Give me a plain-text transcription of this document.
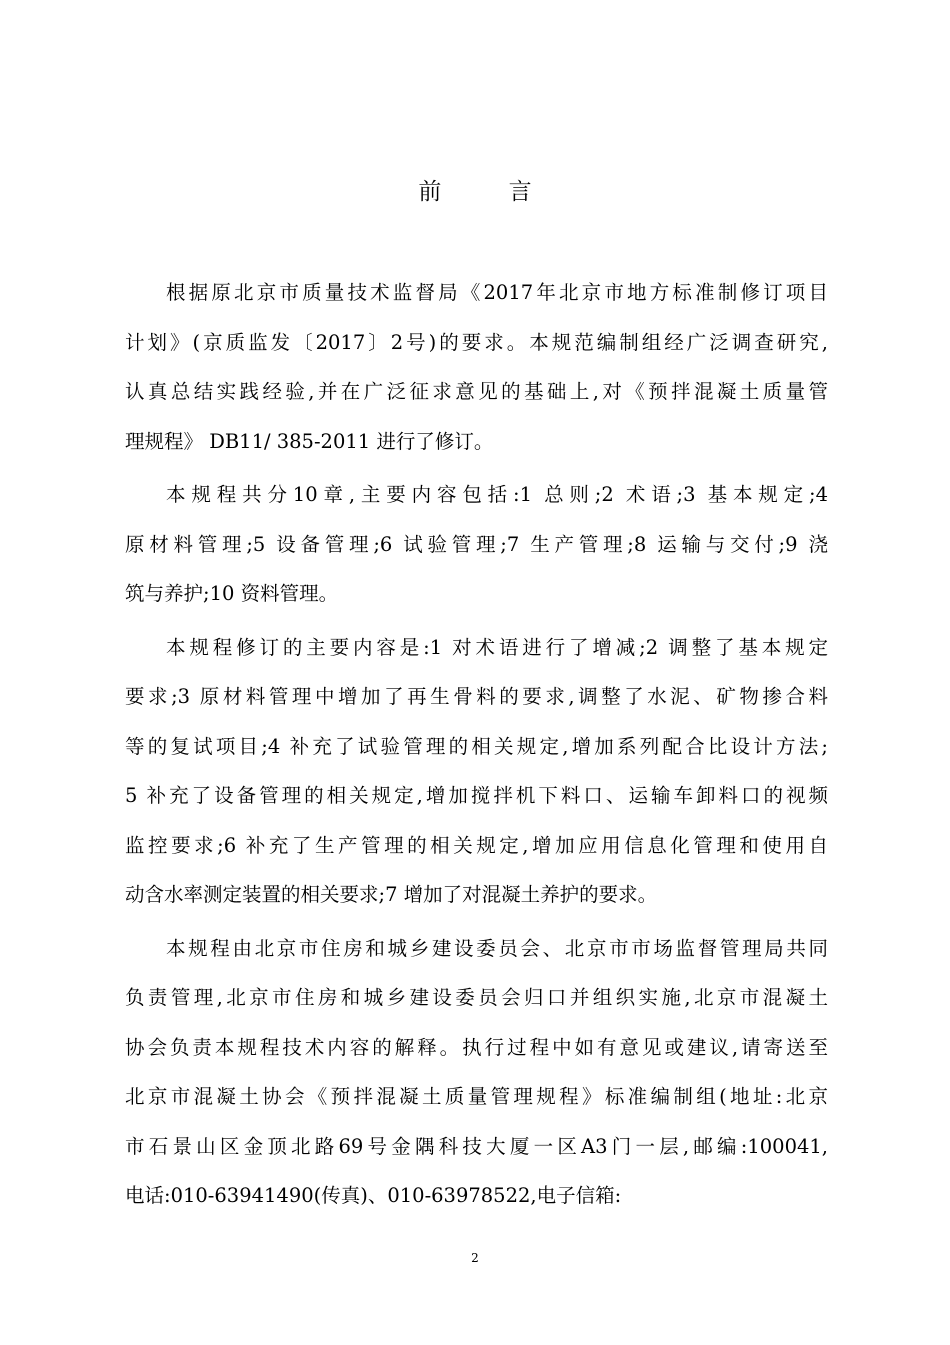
前 言
根据原北京市质量技术监督局《2017年北京市地方标准制修订项目
计划》(京质监发〔2017〕2号)的要求。本规范编制组经广泛调查研究,
认真总结实践经验,并在广泛征求意见的基础上,对《预拌混凝土质量管
理规程》 DB11/ 385-2011 进行了修订。
本规程共分10章,主要内容包括:1 总则;2 术语;3 基本规定;4
原材料管理;5 设备管理;6 试验管理;7 生产管理;8 运输与交付;9 浇
筑与养护;10 资料管理。
本规程修订的主要内容是:1 对术语进行了增减;2 调整了基本规定
要求;3 原材料管理中增加了再生骨料的要求,调整了水泥、矿物掺合料
等的复试项目;4 补充了试验管理的相关规定,增加系列配合比设计方法;
5 补充了设备管理的相关规定,增加搅拌机下料口、运输车卸料口的视频
监控要求;6 补充了生产管理的相关规定,增加应用信息化管理和使用自
动含水率测定装置的相关要求;7 增加了对混凝土养护的要求。
本规程由北京市住房和城乡建设委员会、北京市市场监督管理局共同
负责管理,北京市住房和城乡建设委员会归口并组织实施,北京市混凝土
协会负责本规程技术内容的解释。执行过程中如有意见或建议,请寄送至
北京市混凝土协会《预拌混凝土质量管理规程》标准编制组(地址:北京
市石景山区金顶北路69号金隅科技大厦一区A3门一层,邮编:100041,
电话:010-63941490(传真)、010-63978522,电子信箱:
2
